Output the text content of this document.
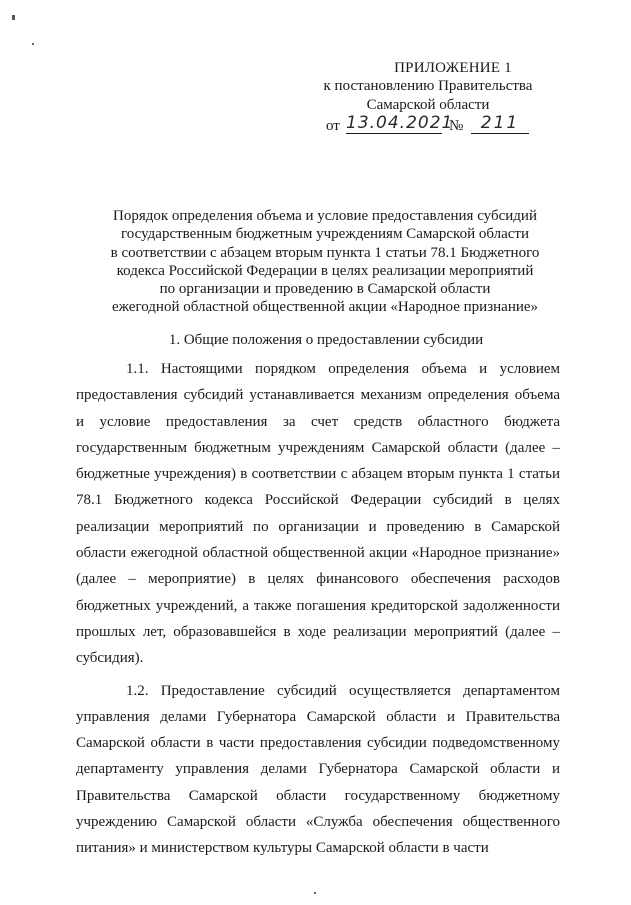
ПРИЛОЖЕНИЕ 1
к постановлению Правительства
Самарской области
от 13.04.2021
№	211
Порядок определения объема и условие предоставления субсидий
государственным бюджетным учреждениям Самарской области
в соответствии с абзацем вторым пункта 1 статьи 78.1 Бюджетного
кодекса Российской Федерации в целях реализации мероприятий
по организации и проведению в Самарской области
ежегодной областной общественной акции «Народное признание»
1. Общие положения о предоставлении субсидии

1.1. Настоящими порядком определения объема и условием предоставления субсидий устанавливается механизм определения объема и условие предоставления за счет средств областного бюджета государственным бюджетным учреждениям Самарской области (далее – бюджетные учреждения) в соответствии с абзацем вторым пункта 1 статьи 78.1 Бюджетного кодекса Российской Федерации субсидий в целях реализации мероприятий по организации и проведению в Самарской области ежегодной областной общественной акции «Народное признание» (далее – мероприятие) в целях финансового обеспечения расходов бюджетных учреждений, а также погашения кредиторской задолженности прошлых лет, образовавшейся в ходе реализации мероприятий (далее – субсидия).

1.2. Предоставление субсидий осуществляется департаментом управления делами Губернатора Самарской области и Правительства Самарской области в части предоставления субсидии подведомственному департаменту управления делами Губернатора Самарской области и Правительства Самарской области государственному бюджетному учреждению Самарской области «Служба обеспечения общественного питания» и министерством культуры Самарской области в части
